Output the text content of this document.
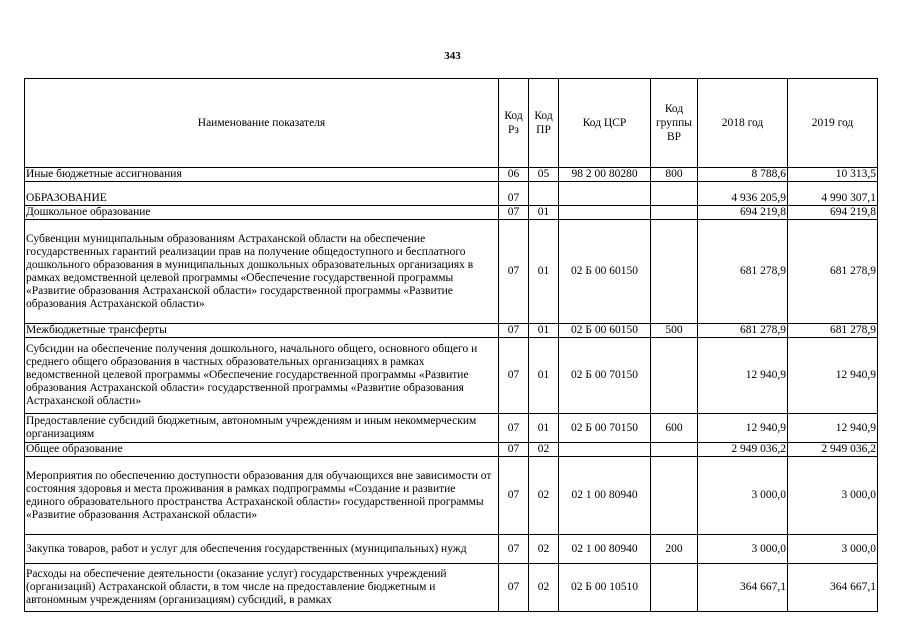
343
Наименование показателя	Код Рз	Код ПР	Код ЦСР	Код группы ВР	2018 год	2019 год
Иные бюджетные ассигнования	06	05	98 2 00 80280	800	8 788,6	10 313,5
ОБРАЗОВАНИЕ	07				4 936 205,9	4 990 307,1
Дошкольное образование	07	01			694 219,8	694 219,8
Субвенции муниципальным образованиям Астраханской области на обеспечение государственных гарантий реализации прав на получение общедоступного и бесплатного дошкольного образования в муниципальных дошкольных образовательных организациях в рамках ведомственной целевой программы «Обеспечение государственной программы «Развитие образования Астраханской области» государственной программы «Развитие образования Астраханской области»	07	01	02 Б 00 60150		681 278,9	681 278,9
Межбюджетные трансферты	07	01	02 Б 00 60150	500	681 278,9	681 278,9
Субсидии на обеспечение получения дошкольного, начального общего, основного общего и среднего общего образования в частных образовательных организациях в рамках ведомственной целевой программы «Обеспечение государственной программы «Развитие образования Астраханской области» государственной программы «Развитие образования Астраханской области»	07	01	02 Б 00 70150		12 940,9	12 940,9
Предоставление субсидий бюджетным, автономным учреждениям и иным некоммерческим организациям	07	01	02 Б 00 70150	600	12 940,9	12 940,9
Общее образование	07	02			2 949 036,2	2 949 036,2
Мероприятия по обеспечению доступности образования для обучающихся вне зависимости от состояния здоровья и места проживания в рамках подпрограммы «Создание и развитие единого образовательного пространства Астраханской области» государственной программы «Развитие образования Астраханской области»	07	02	02 1 00 80940		3 000,0	3 000,0
Закупка товаров, работ и услуг для обеспечения государственных (муниципальных) нужд	07	02	02 1 00 80940	200	3 000,0	3 000,0
Расходы на обеспечение деятельности (оказание услуг) государственных учреждений (организаций) Астраханской области, в том числе на предоставление бюджетным и автономным учреждениям (организациям) субсидий, в рамках	07	02	02 Б 00 10510		364 667,1	364 667,1
